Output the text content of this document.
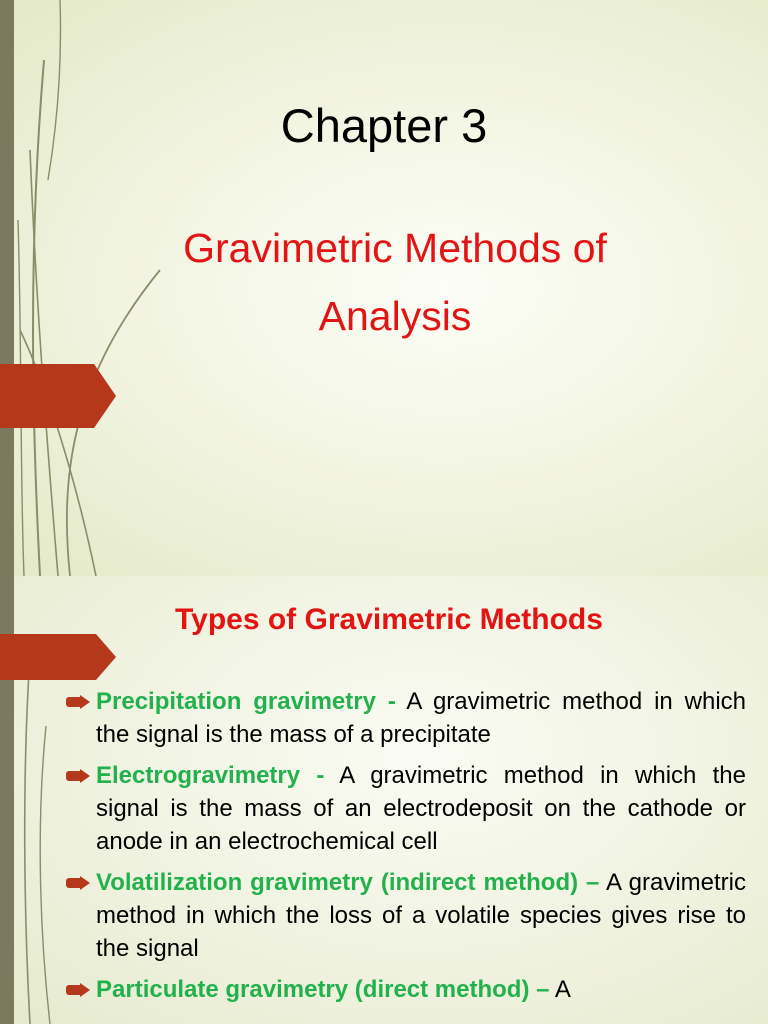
Chapter 3
Gravimetric Methods of Analysis
Types of Gravimetric Methods
Precipitation gravimetry - A gravimetric method in which the signal is the mass of a precipitate
Electrogravimetry - A gravimetric method in which the signal is the mass of an electrodeposit on the cathode or anode in an electrochemical cell
Volatilization gravimetry (indirect method) – A gravimetric method in which the loss of a volatile species gives rise to the signal
Particulate gravimetry (direct method) – A
